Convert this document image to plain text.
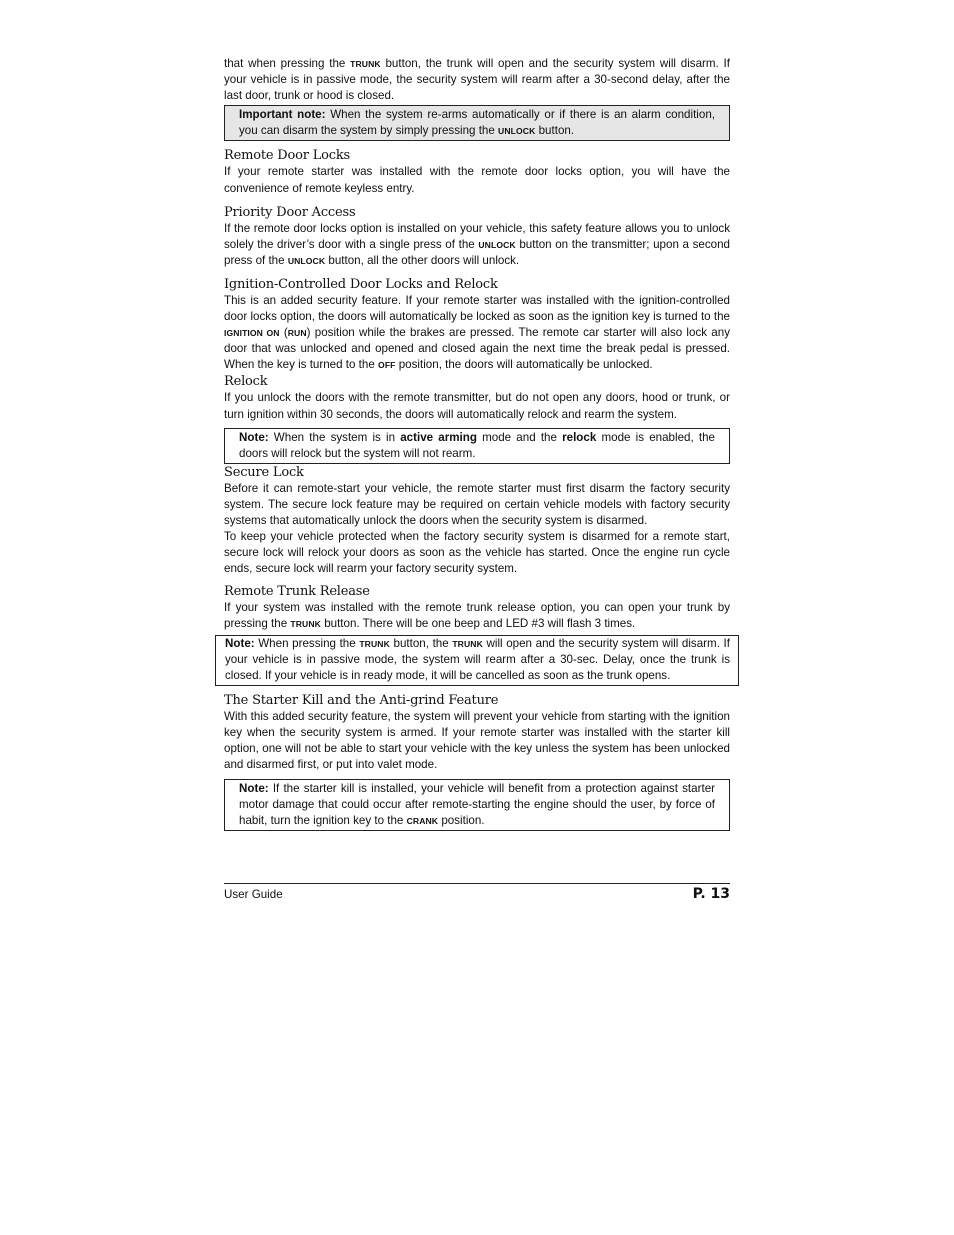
that when pressing the TRUNK button, the trunk will open and the security system will disarm. If your vehicle is in passive mode, the security system will rearm after a 30-second delay, after the last door, trunk or hood is closed.

Important note: When the system re-arms automatically or if there is an alarm condition, you can disarm the system by simply pressing the UNLOCK button.

Remote Door Locks

If your remote starter was installed with the remote door locks option, you will have the convenience of remote keyless entry.

Priority Door Access

If the remote door locks option is installed on your vehicle, this safety feature allows you to unlock solely the driver’s door with a single press of the UNLOCK button on the transmitter; upon a second press of the UNLOCK button, all the other doors will unlock.

Ignition-Controlled Door Locks and Relock

This is an added security feature. If your remote starter was installed with the ignition-controlled door locks option, the doors will automatically be locked as soon as the ignition key is turned to the IGNITION ON (RUN) position while the brakes are pressed. The remote car starter will also lock any door that was unlocked and opened and closed again the next time the break pedal is pressed. When the key is turned to the OFF position, the doors will automatically be unlocked.

Relock

If you unlock the doors with the remote transmitter, but do not open any doors, hood or trunk, or turn ignition within 30 seconds, the doors will automatically relock and rearm the system.

Note: When the system is in active arming mode and the relock mode is enabled, the doors will relock but the system will not rearm.

Secure Lock

Before it can remote-start your vehicle, the remote starter must first disarm the factory security system. The secure lock feature may be required on certain vehicle models with factory security systems that automatically unlock the doors when the security system is disarmed.

To keep your vehicle protected when the factory security system is disarmed for a remote start, secure lock will relock your doors as soon as the vehicle has started. Once the engine run cycle ends, secure lock will rearm your factory security system.

Remote Trunk Release

If your system was installed with the remote trunk release option, you can open your trunk by pressing the TRUNK button. There will be one beep and LED #3 will flash 3 times.

Note: When pressing the TRUNK button, the TRUNK will open and the security system will disarm. If your vehicle is in passive mode, the system will rearm after a 30-sec. Delay, once the trunk is closed. If your vehicle is in ready mode, it will be cancelled as soon as the trunk opens.

The Starter Kill and the Anti-grind Feature

With this added security feature, the system will prevent your vehicle from starting with the ignition key when the security system is armed. If your remote starter was installed with the starter kill option, one will not be able to start your vehicle with the key unless the system has been unlocked and disarmed first, or put into valet mode.

Note: If the starter kill is installed, your vehicle will benefit from a protection against starter motor damage that could occur after remote-starting the engine should the user, by force of habit, turn the ignition key to the CRANK position.

User Guide	P. 13
